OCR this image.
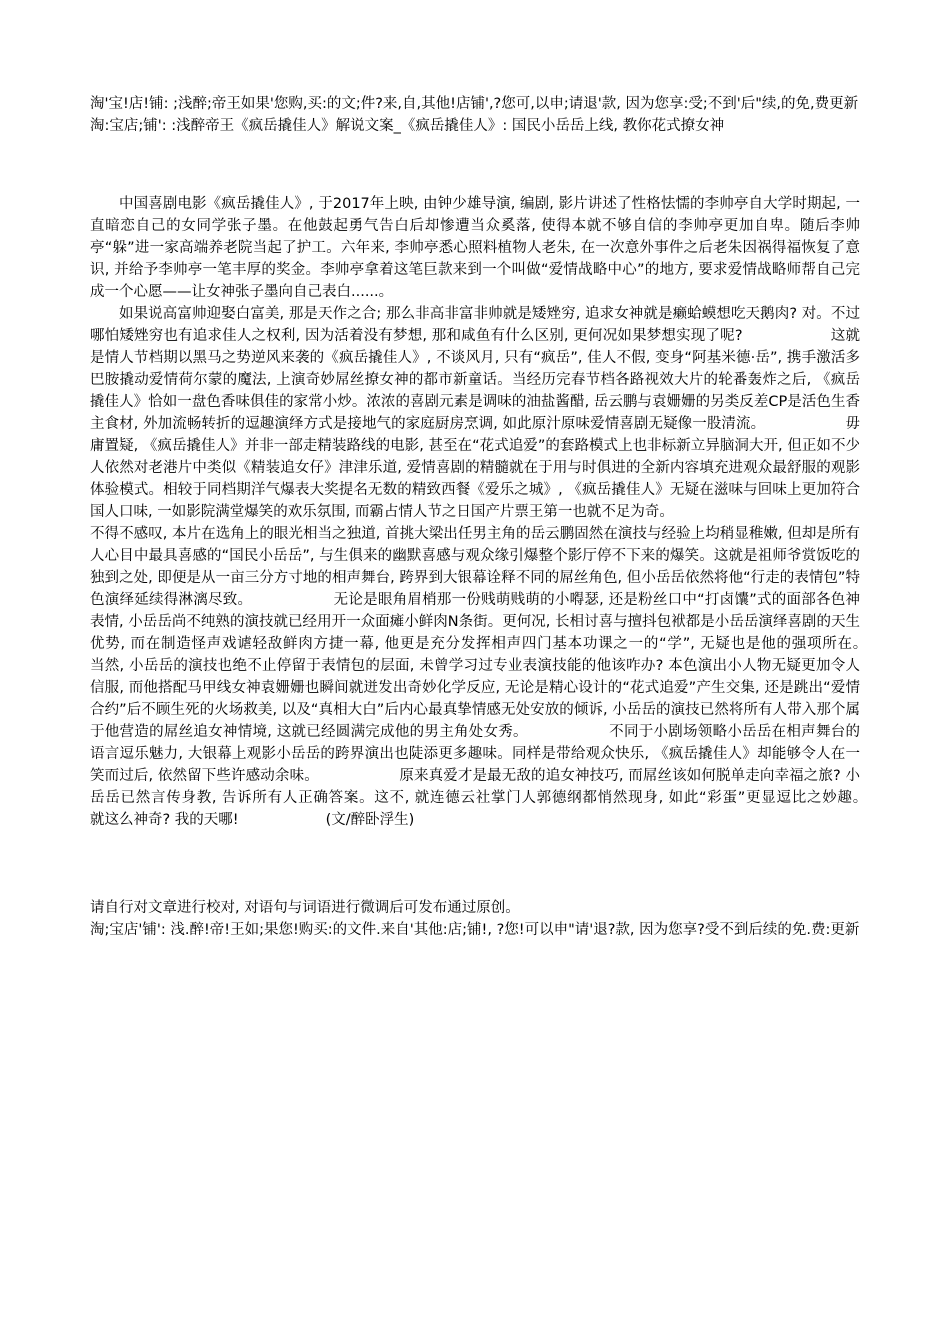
淘'宝!店!铺: ;浅醉;帝王如果'您购,买:的文;件?来,自,其他!店铺',?您可,以申;请退'款, 因为您享:受;不到'后"续,的免,费更新淘:宝店;铺': :浅醉帝王《疯岳撬佳人》解说文案_《疯岳撬佳人》: 国民小岳岳上线, 教你花式撩女神

中国喜剧电影《疯岳撬佳人》, 于2017年上映, 由钟少雄导演, 编剧, 影片讲述了性格怯懦的李帅亭自大学时期起, 一直暗恋自己的女同学张子墨。在他鼓起勇气告白后却惨遭当众奚落, 使得本就不够自信的李帅亭更加自卑。随后李帅亭“躲”进一家高端养老院当起了护工。六年来, 李帅亭悉心照料植物人老朱, 在一次意外事件之后老朱因祸得福恢复了意识, 并给予李帅亭一笔丰厚的奖金。李帅亭拿着这笔巨款来到一个叫做“爱情战略中心”的地方, 要求爱情战略师帮自己完成一个心愿——让女神张子墨向自己表白......。

如果说高富帅迎娶白富美, 那是天作之合; 那么非高非富非帅就是矮矬穷, 追求女神就是癞蛤蟆想吃天鹅肉? 对。不过哪怕矮矬穷也有追求佳人之权利, 因为活着没有梦想, 那和咸鱼有什么区别, 更何况如果梦想实现了呢?　　　　　　这就是情人节档期以黑马之势逆风来袭的《疯岳撬佳人》, 不谈风月, 只有“疯岳”, 佳人不假, 变身“阿基米德·岳”, 携手激活多巴胺撬动爱情荷尔蒙的魔法, 上演奇妙屌丝撩女神的都市新童话。当经历完春节档各路视效大片的轮番轰炸之后, 《疯岳撬佳人》恰如一盘色香味俱佳的家常小炒。浓浓的喜剧元素是调味的油盐酱醋, 岳云鹏与袁姗姗的另类反差CP是活色生香主食材, 外加流畅转折的逗趣演绎方式是接地气的家庭厨房烹调, 如此原汁原味爱情喜剧无疑像一股清流。　　　　　　毋庸置疑, 《疯岳撬佳人》并非一部走精装路线的电影, 甚至在“花式追爱”的套路模式上也非标新立异脑洞大开, 但正如不少人依然对老港片中类似《精装追女仔》津津乐道, 爱情喜剧的精髓就在于用与时俱进的全新内容填充进观众最舒服的观影体验模式。相较于同档期洋气爆表大奖提名无数的精致西餐《爱乐之城》, 《疯岳撬佳人》无疑在滋味与回味上更加符合国人口味, 一如影院满堂爆笑的欢乐氛围, 而霸占情人节之日国产片票王第一也就不足为奇。

不得不感叹, 本片在选角上的眼光相当之独道, 首挑大梁出任男主角的岳云鹏固然在演技与经验上均稍显稚嫩, 但却是所有人心目中最具喜感的“国民小岳岳”, 与生俱来的幽默喜感与观众缘引爆整个影厅停不下来的爆笑。这就是祖师爷赏饭吃的独到之处, 即便是从一亩三分方寸地的相声舞台, 跨界到大银幕诠释不同的屌丝角色, 但小岳岳依然将他“行走的表情包”特色演绎延续得淋漓尽致。　　　　　　无论是眼角眉梢那一份贱萌贱萌的小嘚瑟, 还是粉丝口中“打卤馕”式的面部各色神表情, 小岳岳尚不纯熟的演技就已经用开一众面瘫小鲜肉N条街。更何况, 长相讨喜与擅抖包袱都是小岳岳演绎喜剧的天生优势, 而在制造怪声戏谑轻敌鲜肉方捷一幕, 他更是充分发挥相声四门基本功课之一的“学”, 无疑也是他的强项所在。　　　　　　当然, 小岳岳的演技也绝不止停留于表情包的层面, 未曾学习过专业表演技能的他该咋办? 本色演出小人物无疑更加令人信服, 而他搭配马甲线女神袁姗姗也瞬间就迸发出奇妙化学反应, 无论是精心设计的“花式追爱”产生交集, 还是跳出“爱情合约”后不顾生死的火场救美, 以及“真相大白”后内心最真挚情感无处安放的倾诉, 小岳岳的演技已然将所有人带入那个属于他营造的屌丝追女神情境, 这就已经圆满完成他的男主角处女秀。　　　　　　不同于小剧场领略小岳岳在相声舞台的语言逗乐魅力, 大银幕上观影小岳岳的跨界演出也陡添更多趣味。同样是带给观众快乐, 《疯岳撬佳人》却能够令人在一笑而过后, 依然留下些许感动余味。　　　　　　原来真爱才是最无敌的追女神技巧, 而屌丝该如何脱单走向幸福之旅? 小岳岳已然言传身教, 告诉所有人正确答案。这不, 就连德云社掌门人郭德纲都悄然现身, 如此“彩蛋”更显逗比之妙趣。　　　　　　就这么神奇? 我的天哪!　　　　　　(文/醉卧浮生)

请自行对文章进行校对, 对语句与词语进行微调后可发布通过原创。

淘;宝店'铺': 浅.醉!帝!王如;果您!购买:的文件.来自'其他:店;铺!, ?您!可以申"请'退?款, 因为您享?受不到后续的免.费:更新
